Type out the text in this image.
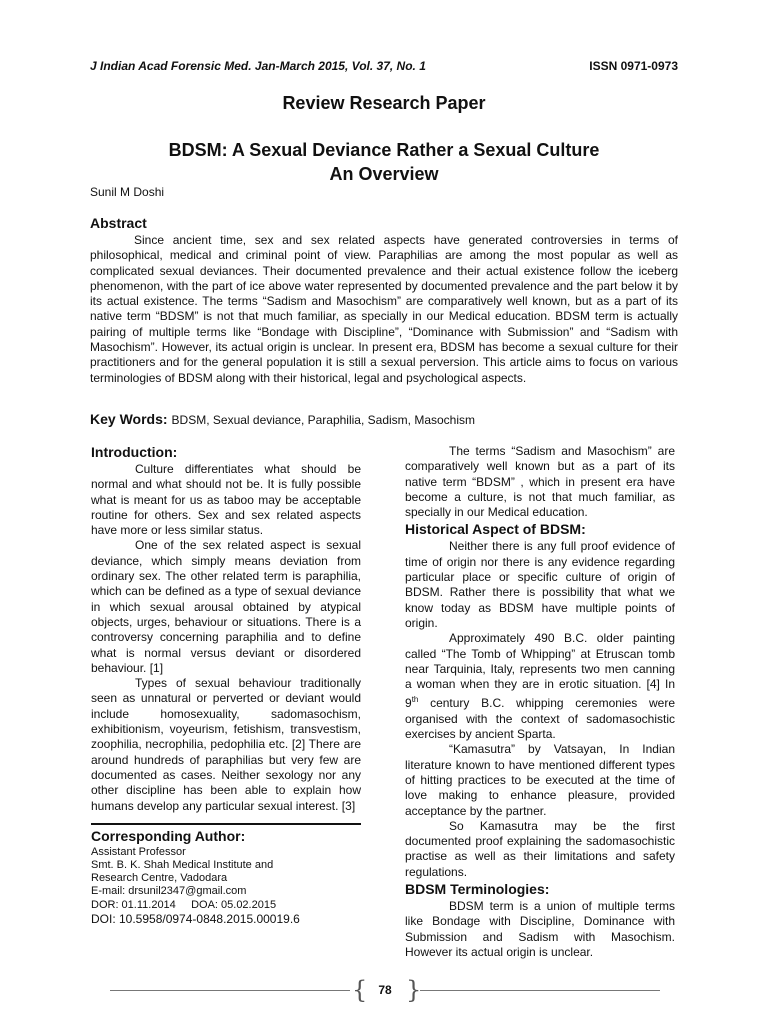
J Indian Acad Forensic Med. Jan-March 2015, Vol. 37, No. 1	ISSN 0971-0973
Review Research Paper
BDSM: A Sexual Deviance Rather a Sexual Culture
An Overview
Sunil M Doshi
Abstract

Since ancient time, sex and sex related aspects have generated controversies in terms of philosophical, medical and criminal point of view. Paraphilias are among the most popular as well as complicated sexual deviances. Their documented prevalence and their actual existence follow the iceberg phenomenon, with the part of ice above water represented by documented prevalence and the part below it by its actual existence. The terms “Sadism and Masochism” are comparatively well known, but as a part of its native term “BDSM” is not that much familiar, as specially in our Medical education. BDSM term is actually pairing of multiple terms like “Bondage with Discipline”, “Dominance with Submission” and “Sadism with Masochism”. However, its actual origin is unclear. In present era, BDSM has become a sexual culture for their practitioners and for the general population it is still a sexual perversion. This article aims to focus on various terminologies of BDSM along with their historical, legal and psychological aspects.

Key Words: BDSM, Sexual deviance, Paraphilia, Sadism, Masochism
Introduction:

Culture differentiates what should be normal and what should not be. It is fully possible what is meant for us as taboo may be acceptable routine for others. Sex and sex related aspects have more or less similar status.

One of the sex related aspect is sexual deviance, which simply means deviation from ordinary sex. The other related term is paraphilia, which can be defined as a type of sexual deviance in which sexual arousal obtained by atypical objects, urges, behaviour or situations. There is a controversy concerning paraphilia and to define what is normal versus deviant or disordered behaviour. [1]

Types of sexual behaviour traditionally seen as unnatural or perverted or deviant would include homosexuality, sadomasochism, exhibitionism, voyeurism, fetishism, transvestism, zoophilia, necrophilia, pedophilia etc. [2] There are around hundreds of paraphilias but very few are documented as cases. Neither sexology nor any other discipline has been able to explain how humans develop any particular sexual interest. [3]

Corresponding Author:
Assistant Professor
Smt. B. K. Shah Medical Institute and
Research Centre, Vadodara
E-mail: drsunil2347@gmail.com
DOR: 01.11.2014     DOA: 05.02.2015
DOI: 10.5958/0974-0848.2015.00019.6

The terms “Sadism and Masochism” are comparatively well known but as a part of its native term “BDSM” , which in present era have become a culture, is not that much familiar, as specially in our Medical education.

Historical Aspect of BDSM:

Neither there is any full proof evidence of time of origin nor there is any evidence regarding particular place or specific culture of origin of BDSM. Rather there is possibility that what we know today as BDSM have multiple points of origin.

Approximately 490 B.C. older painting called “The Tomb of Whipping” at Etruscan tomb near Tarquinia, Italy, represents two men canning a woman when they are in erotic situation. [4] In 9th century B.C. whipping ceremonies were organised with the context of sadomasochistic exercises by ancient Sparta.

“Kamasutra” by Vatsayan, In Indian literature known to have mentioned different types of hitting practices to be executed at the time of love making to enhance pleasure, provided acceptance by the partner.

So Kamasutra may be the first documented proof explaining the sadomasochistic practise as well as their limitations and safety regulations.

BDSM Terminologies:

BDSM term is a union of multiple terms like Bondage with Discipline, Dominance with Submission and Sadism with Masochism. However its actual origin is unclear.

{ 78 }
